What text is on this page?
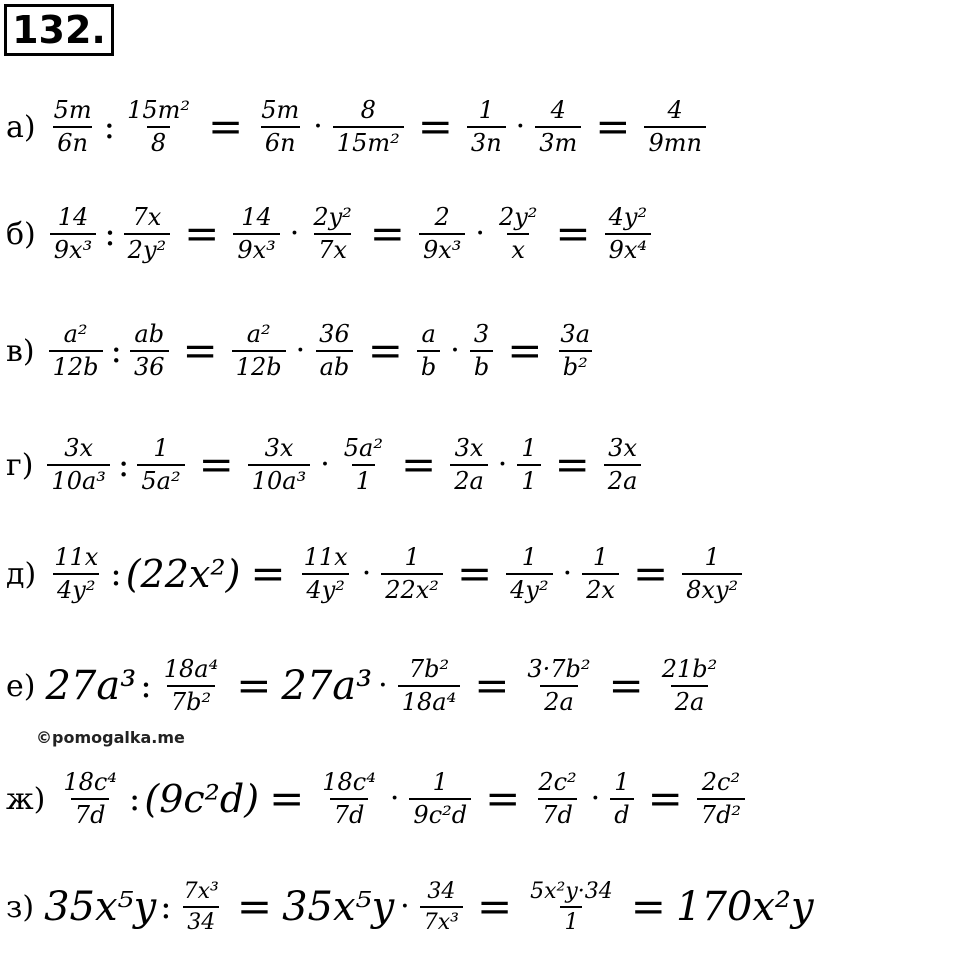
132.
$а) \frac{5m}{6n}$ : $\frac{\text{15m²}}{8} = \frac{5m}{6n} \cdot \frac{8}{\text{15m²}} = \frac{1}{3n} \cdot \frac{4}{3m} = \frac{4}{9mn}$
$б) \frac{14}{\text{9x³}}$ : $\frac{7x}{\text{2y²}} = \frac{14}{\text{9x³}} \cdot \frac{\text{2y²}}{7x} = \frac{2}{\text{9x³}} \cdot \frac{\text{2y²}}{x} = \frac{\text{4y²}}{\text{9x⁴}}$
$в) \frac{\text{a²}}{12b}$ : $\frac{ab}{36} = \frac{\text{a²}}{12b} \cdot \frac{36}{ab} = \frac{a}{b} \cdot \frac{3}{b} = \frac{3a}{\text{b²}}$
$г) \frac{3x}{\text{10a³}}$ : $\frac{1}{\text{5a²}} = \frac{3x}{\text{10a³}} \cdot \frac{\text{5a²}}{1} = \frac{3x}{2a} \cdot \frac{1}{1} = \frac{3x}{2a}$
$д) \frac{11x}{\text{4y²}}$ : $(22x^2) = \frac{11x}{\text{4y²}} \cdot \frac{1}{\text{22x²}} = \frac{1}{\text{4y²}} \cdot \frac{1}{2x} = \frac{1}{\text{8xy²}}$
е) 27a³ : $\frac{\text{18a⁴}}{\text{7b²}} = 27a^3 \cdot \frac{\text{7b²}}{\text{18a⁴}} = \frac{\text{3·7b²}}{2a} = \frac{\text{21b²}}{2a}$
$ж) \frac{\text{18c⁴}}{7d}$ : $(9c^2d) = \frac{\text{18c⁴}}{7d} \cdot \frac{1}{\text{9c²d}} = \frac{\text{2c²}}{7d} \cdot \frac{1}{d} = \frac{\text{2c²}}{\text{7d²}}$
з) 35x⁵y : $\frac{\text{7x³}}{34} = 35x^5y \cdot \frac{34}{\text{7x³}} = \frac{\text{5x²y·34}}{1} = 170x^2y$
©pomogalka.me
